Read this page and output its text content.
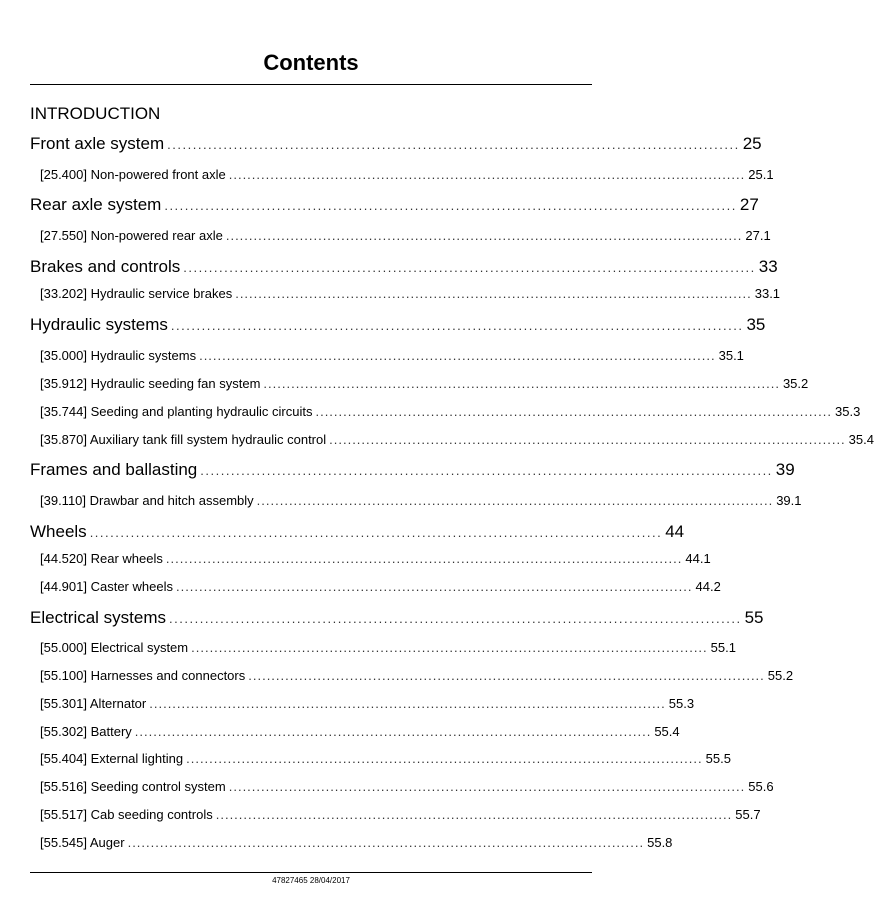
Contents
INTRODUCTION
Front axle system ................................................................................................................ 25
[25.400] Non-powered front axle ................................................................................................................ 25.1
Rear axle system ................................................................................................................ 27
[27.550] Non-powered rear axle ................................................................................................................ 27.1
Brakes and controls ................................................................................................................ 33
[33.202] Hydraulic service brakes ................................................................................................................ 33.1
Hydraulic systems ................................................................................................................ 35
[35.000] Hydraulic systems ................................................................................................................ 35.1
[35.912] Hydraulic seeding fan system ................................................................................................................ 35.2
[35.744] Seeding and planting hydraulic circuits ................................................................................................................ 35.3
[35.870] Auxiliary tank fill system hydraulic control ................................................................................................................ 35.4
Frames and ballasting ................................................................................................................ 39
[39.110] Drawbar and hitch assembly ................................................................................................................ 39.1
Wheels ................................................................................................................ 44
[44.520] Rear wheels ................................................................................................................ 44.1
[44.901] Caster wheels ................................................................................................................ 44.2
Electrical systems ................................................................................................................ 55
[55.000] Electrical system ................................................................................................................ 55.1
[55.100] Harnesses and connectors ................................................................................................................ 55.2
[55.301] Alternator ................................................................................................................ 55.3
[55.302] Battery ................................................................................................................ 55.4
[55.404] External lighting ................................................................................................................ 55.5
[55.516] Seeding control system ................................................................................................................ 55.6
[55.517] Cab seeding controls ................................................................................................................ 55.7
[55.545] Auger ................................................................................................................ 55.8
47827465 28/04/2017
